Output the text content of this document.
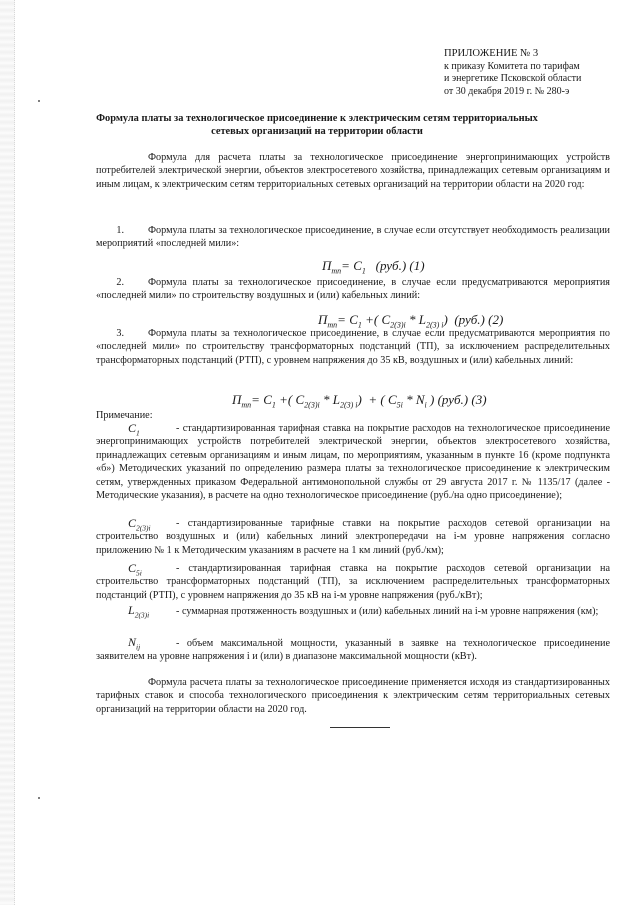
ПРИЛОЖЕНИЕ № 3
к приказу Комитета по тарифам
и энергетике Псковской области
от 30 декабря 2019 г. № 280-э
Формула платы за технологическое присоединение к электрическим сетям территориальных сетевых организаций на территории области
Формула для расчета платы за технологическое присоединение энергопринимающих устройств потребителей электрической энергии, объектов электросетевого хозяйства, принадлежащих сетевым организациям и иным лицам, к электрическим сетям территориальных сетевых организаций на территории области на 2020 год:
1. Формула платы за технологическое присоединение, в случае если отсутствует необходимость реализации мероприятий «последней мили»:
$П_{тп}= C_1$   (руб.) (1)
2. Формула платы за технологическое присоединение, в случае если предусматриваются мероприятия «последней мили» по строительству воздушных и (или) кабельных линий:
$П_{тп}= C_1$ +( $C_{2(3)i} * L_{2(3) i}$)  (руб.) (2)
3. Формула платы за технологическое присоединение, в случае если предусматриваются мероприятия по «последней мили» по строительству трансформаторных подстанций (ТП), за исключением распределительных трансформаторных подстанций (РТП), с уровнем напряжения до 35 кВ, воздушных и (или) кабельных линий:
$П_{тп}= C_1$ +( $C_{2(3)i} * L_{2(3) i}$)  + ( $C_{5i} * N_i$ ) (руб.) (3)
Примечание:
$C_1$	- стандартизированная тарифная ставка на покрытие расходов на технологическое присоединение энергопринимающих устройств потребителей электрической энергии, объектов электросетевого хозяйства, принадлежащих сетевым организациям и иным лицам, по мероприятиям, указанным в пункте 16 (кроме подпункта «б») Методических указаний по определению размера платы за технологическое присоединение к электрическим сетям, утвержденных приказом Федеральной антимонопольной службы от 29 августа 2017 г. № 1135/17 (далее - Методические указания), в расчете на одно технологическое присоединение (руб./на одно присоединение);
$C_{2(3)i}$	- стандартизированные тарифные ставки на покрытие расходов сетевой организации на строительство воздушных и (или) кабельных линий электропередачи на i-м уровне напряжения согласно приложению № 1 к Методическим указаниям в расчете на 1 км линий (руб./км);
$C_{5i}$	- стандартизированная тарифная ставка на покрытие расходов сетевой организации на строительство трансформаторных подстанций (ТП), за исключением распределительных трансформаторных подстанций (РТП), с уровнем напряжения до 35 кВ на i-м уровне напряжения (руб./кВт);
$L_{2(3)i}$	- суммарная протяженность воздушных и (или) кабельных линий на i-м уровне напряжения (км);
$N_{ij}$	- объем максимальной мощности, указанный в заявке на технологическое присоединение заявителем на уровне напряжения i и (или) в диапазоне максимальной мощности (кВт).
Формула расчета платы за технологическое присоединение применяется исходя из стандартизированных тарифных ставок и способа технологического присоединения к электрическим сетям территориальных сетевых организаций на территории области на 2020 год.
